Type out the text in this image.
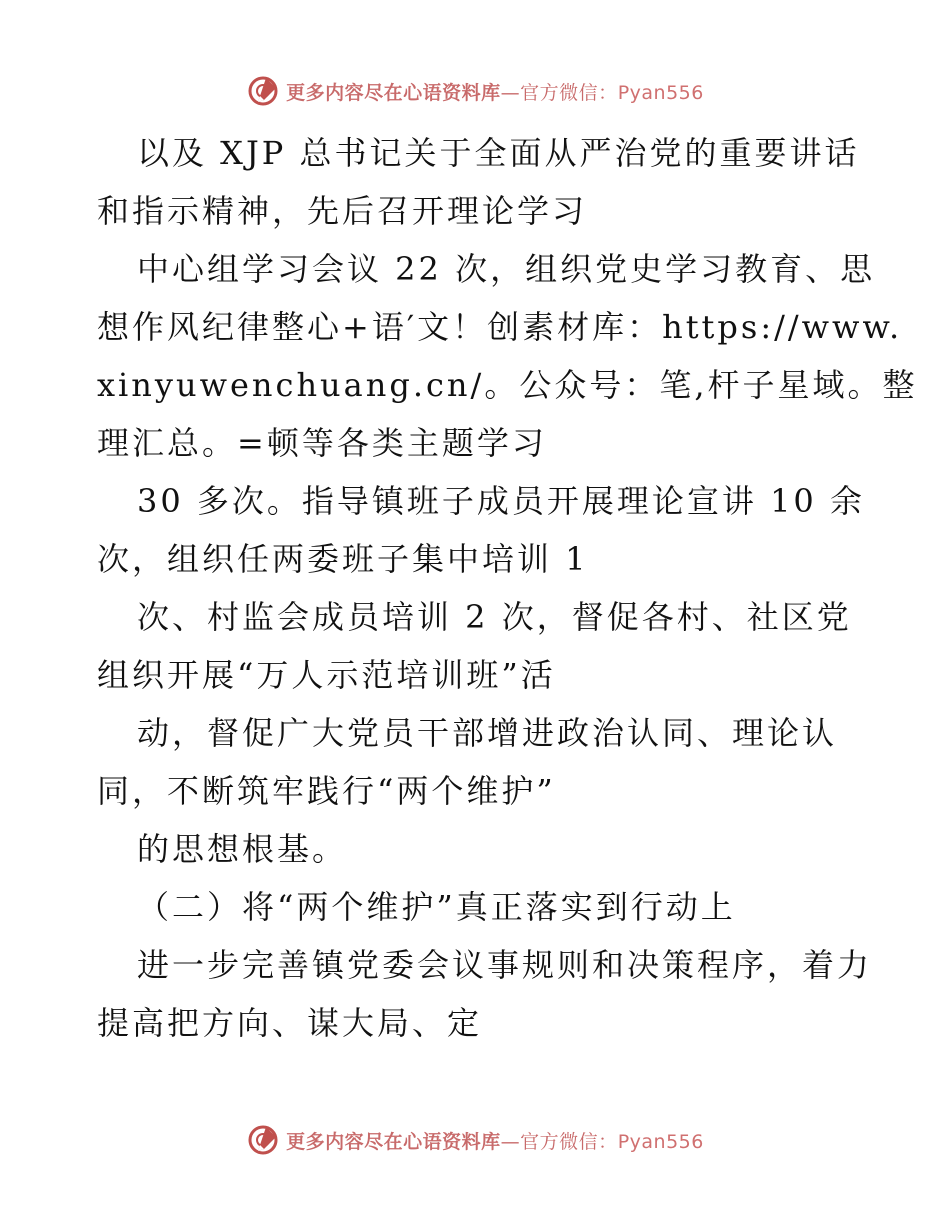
更多内容尽在心语资料库—官方微信：Pyan556
以及 XJP 总书记关于全面从严治党的重要讲话
和指示精神，先后召开理论学习
中心组学习会议 22 次，组织党史学习教育、思
想作风纪律整心+语′文！创素材库：https://www.
xinyuwenchuang.cn/。公众号：笔,杆子星域。整
理汇总。=顿等各类主题学习
30 多次。指导镇班子成员开展理论宣讲 10 余
次，组织任两委班子集中培训 1
次、村监会成员培训 2 次，督促各村、社区党
组织开展“万人示范培训班”活
动，督促广大党员干部增进政治认同、理论认
同，不断筑牢践行“两个维护”
的思想根基。
（二）将“两个维护”真正落实到行动上
进一步完善镇党委会议事规则和决策程序，着力
提高把方向、谋大局、定
更多内容尽在心语资料库—官方微信：Pyan556
